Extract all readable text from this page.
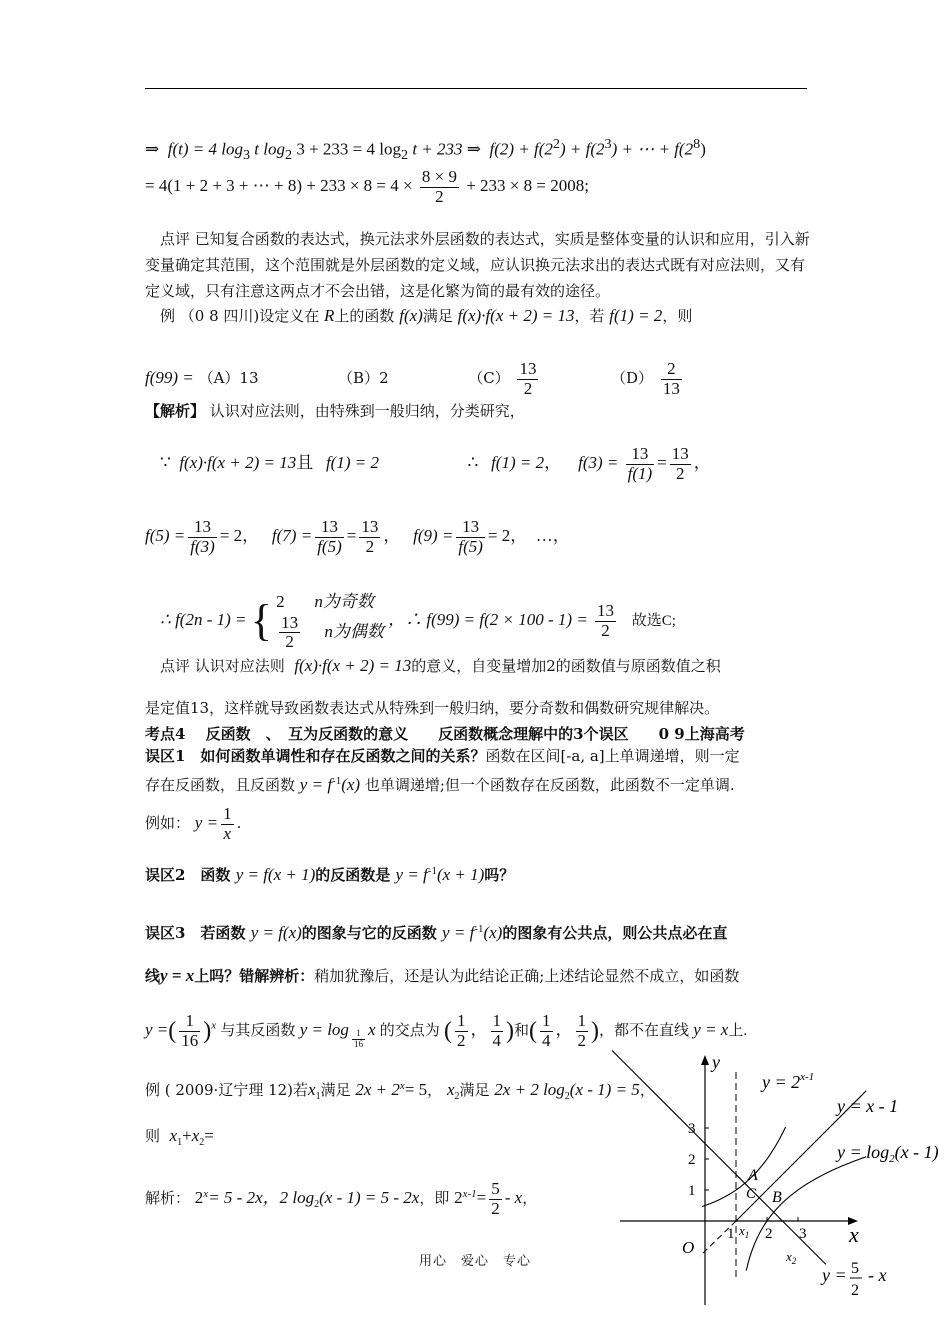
⇒ f(t) = 4 $\log_3 t$ $\log_2 3 + 233 = 4$ $\log_2 t + 233$ ⇒ $f(2) + f(2^2) + f(2^3)$ + ⋯ + $f(2^8)$
= 4(1 + 2 + 3 + ⋯ + $8) + 233 \times 8 = 4 \times \frac{8 \times 9}{2} + 233 \times 8 = 2008$;
点评 已知复合函数的表达式，换元法求外层函数的表达式，实质是整体变量的认识和应用，引入新变量确定其范围，这个范围就是外层函数的定义域，应认识换元法求出的表达式既有对应法则，又有定义域，只有注意这两点才不会出错，这是化繁为简的最有效的途径。
例 （0 8 四川)设定义在 R上的函数 f(x)满足 f(x)·f(x + 2) = 13，若 f(1) = 2，则
f(99) = （A）13	（B）2	$(C) \frac{13}{2}$	$(D) \frac{2}{13}$
【解析】 认识对应法则，由特殊到一般归纳，分类研究，
∵ f(x)·f(x + 2) = 13且 f(1) = 2	∴ f(1) = 2，    $f(3) = \frac{13}{f(1)} = \frac{13}{2}$ ，
$f(5) = \frac{13}{f(3)} = 2$，   $f(7) = \frac{13}{f(5)} = \frac{13}{2}$ ，   $f(9) = \frac{13}{f(5)} = 2$，  …，
∴ f(2n - 1) = { 2 n为奇数
$\frac{13}{2}$ n为偶数
，∴ $f(99) = f(2 \times 100 - 1) = \frac{13}{2}$ 故选C;
点评 认识对应法则 f(x)·f(x + 2) = 13的意义，自变量增加2的函数值与原函数值之积
是定值13，这样就导致函数表达式从特殊到一般归纳，要分奇数和偶数研究规律解决。
考点4　 反函数　、　互为反函数的意义　　反函数概念理解中的3个误区　　0 9上海高考
误区1　如何函数单调性和存在反函数之间的关系？函数在区间[-a, a]上单调递增，则一定
存在反函数，且反函数 $y = f^{-1}(x)$ 也单调递增;但一个函数存在反函数，此函数不一定单调.
例如： $y = \frac{1}{x}$ .
误区2　函数 y = f(x + 1)的反函数是 $y = f^{-1}(x + 1)$吗？
误区3　若函数 y = f(x)的图象与它的反函数 $y = f^{-1}(x)$的图象有公共点，则公共点必在直
线y = x上吗？错解辨析：稍加犹豫后，还是认为此结论正确;上述结论显然不成立，如函数
y =( $\frac{1}{16} )^x$ 与其反函数 $y = \log \frac{1}{16}$ x 的交点为 ( $\frac{1}{2}$ ， $\frac{1}{4}$ )和( $\frac{1}{4}$ ， $\frac{1}{2}$ )，都不在直线 y = x上.
例 ( 2009·辽宁理 12)若$x_1$满足 $2x + 2^x= 5$， $x_2$满足 2x + 2 $\log_2(x - 1) = 5$，
则 $x_1+x_2=$
解析： $2^x= 5 - 2x$，2 $\log_2(x - 1) = 5 - 2x$，即 $2^{x-1}= \frac{5}{2} - x$，
1 2 3
1
2
3
O
y
x
A
B
C
$x_1$
$x_2$
$y = 2^{x-1}$
y = x - 1
$y = \log_2(x - 1)$
y = 5
2
- x
用心　爱心　专心
